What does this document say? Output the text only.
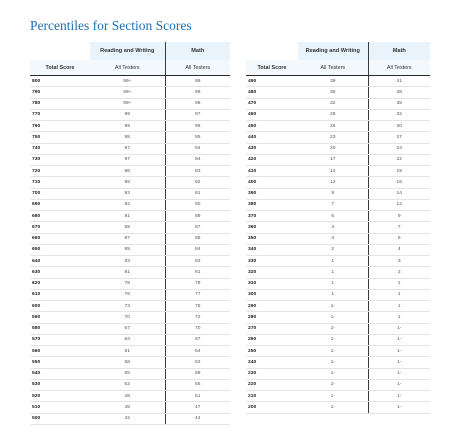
Percentiles for Section Scores
	Reading and Writing	Math
Total Score	All Testers	All Testers
800	99+	99
790	99+	99
780	99+	98
770	99	97
760	99	96
750	98	95
740	97	94
730	97	94
720	96	93
710	95	92
700	93	91
690	92	90
680	91	89
670	89	87
660	87	86
650	85	84
640	83	83
630	81	81
620	78	79
610	76	77
600	73	75
590	70	72
580	67	70
570	64	67
560	61	64
550	58	62
540	55	58
530	52	55
520	48	51
510	45	47
500	42	44
	Reading and Writing	Math
Total Score	All Testers	All Testers
490	39	41
480	35	38
470	32	35
460	28	32
450	26	30
440	23	27
430	20	24
420	17	22
410	14	19
400	12	16
390	9	14
380	7	12
370	6	9
360	4	7
350	3	6
340	2	4
330	1	3
320	1	2
310	1	1
300	1	1
290	1-	1
280	1-	1
270	1-	1-
260	1-	1-
250	1-	1-
240	1-	1-
230	1-	1-
220	1-	1-
210	1-	1-
200	1-	1-
